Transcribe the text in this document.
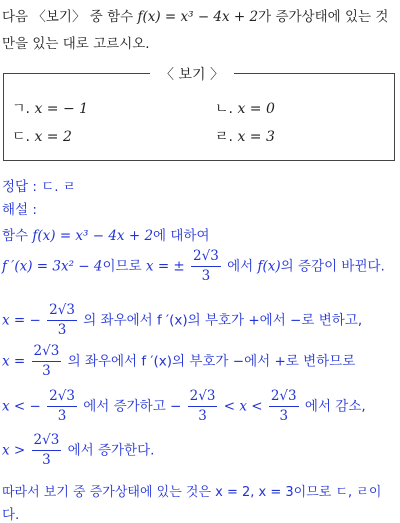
다음 〈보기〉 중 함수 f(x) = x³ − 4x + 2가 증가상태에 있는 것
만을 있는 대로 고르시오.
〈 보기 〉
ㄱ. x = − 1	ㄴ. x = 0
ㄷ. x = 2	ㄹ. x = 3
정답 : ㄷ. ㄹ
해설 :
함수 f(x) = x³ − 4x + 2에 대하여
f ′(x) = 3x² − 4이므로 x = ± $\frac{2√3}{3}$ 에서 f(x)의 증감이 바뀐다.
x = − $\frac{2√3}{3}$ 의 좌우에서 f ′(x)의 부호가 +에서 −로 변하고,
$x = \frac{2√3}{3}$ 의 좌우에서 f ′(x)의 부호가 −에서 +로 변하므로
x < − $\frac{2√3}{3}$ 에서 증가하고 − $\frac{2√3}{3} < x < \frac{2√3}{3}$ 에서 감소,
$x > \frac{2√3}{3}$ 에서 증가한다.
따라서 보기 중 증가상태에 있는 것은 x = 2, x = 3이므로 ㄷ, ㄹ이
다.
